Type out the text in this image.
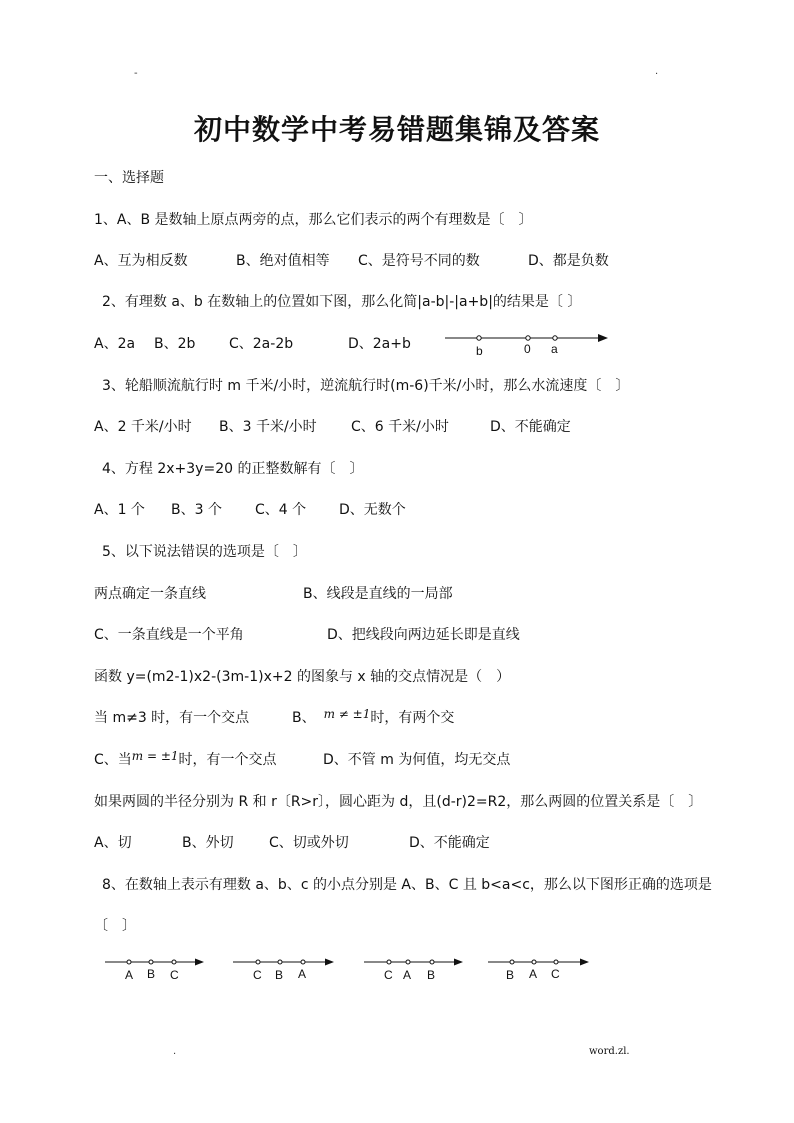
-	.
初中数学中考易错题集锦及答案
一、选择题
1、A、B 是数轴上原点两旁的点，那么它们表示的两个有理数是〔　〕
A、互为相反数	B、绝对值相等 C、是符号不同的数	D、都是负数
2、有理数 a、b 在数轴上的位置如下图，那么化简|a-b|-|a+b|的结果是〔 〕
A、2a B、2b C、2a-2b	D、2a+b	b	0 a
3、轮船顺流航行时 m 千米/小时，逆流航行时(m-6)千米/小时，那么水流速度〔　〕
A、2 千米/小时 B、3 千米/小时 C、6 千米/小时	D、不能确定
4、方程 2x+3y=20 的正整数解有〔　〕
A、1 个 B、3 个 C、4 个 D、无数个
5、以下说法错误的选项是〔　〕
两点确定一条直线	B、线段是直线的一局部
C、一条直线是一个平角	D、把线段向两边延长即是直线
函数 y=(m2-1)x2-(3m-1)x+2 的图象与 x 轴的交点情况是（　）
当 m≠3 时，有一个交点	B、 m ≠ ±1时，有两个交
C、当m = ±1时，有一个交点	D、不管 m 为何值，均无交点
如果两圆的半径分别为 R 和 r〔R>r〕，圆心距为 d，且(d-r)2=R2，那么两圆的位置关系是〔　〕
A、切	B、外切	C、切或外切	D、不能确定
8、在数轴上表示有理数 a、b、c 的小点分别是 A、B、C 且 b<a<c，那么以下图形正确的选项是
〔　〕
A B C	C B A	C A B	B A C
.	word.zl.
